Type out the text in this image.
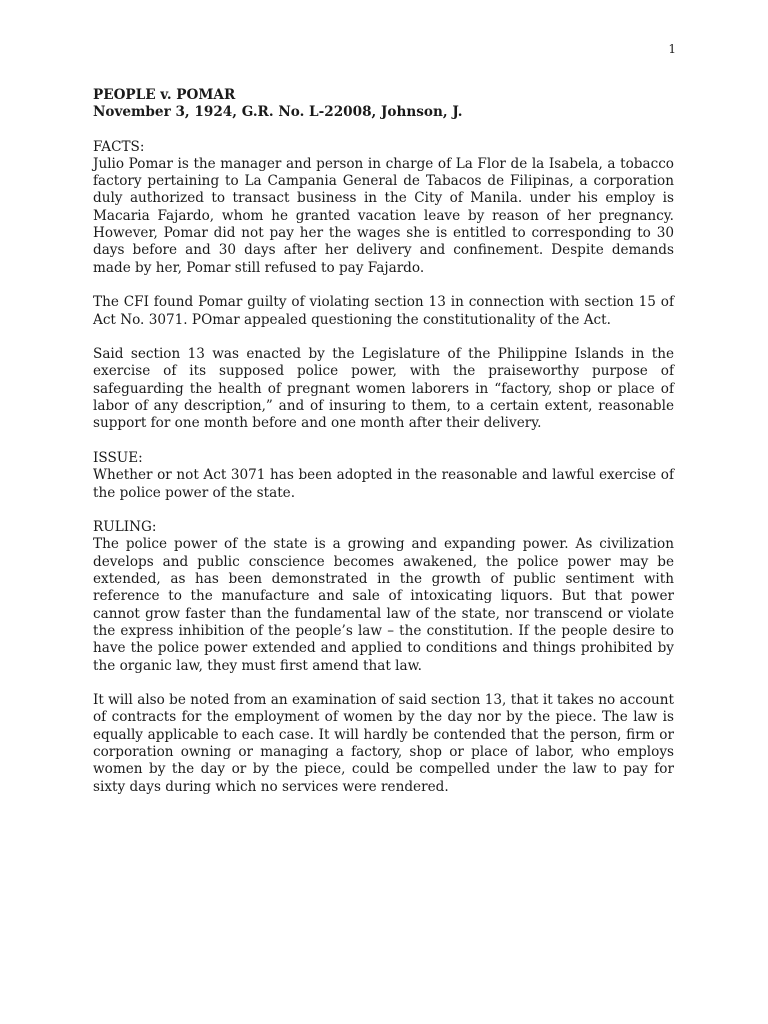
1
PEOPLE v. POMAR
November 3, 1924, G.R. No. L-22008, Johnson, J.
FACTS:

Julio Pomar is the manager and person in charge of La Flor de la Isabela, a tobacco factory pertaining to La Campania General de Tabacos de Filipinas, a corporation duly authorized to transact business in the City of Manila. under his employ is Macaria Fajardo, whom he granted vacation leave by reason of her pregnancy. However, Pomar did not pay her the wages she is entitled to corresponding to 30 days before and 30 days after her delivery and confinement. Despite demands made by her, Pomar still refused to pay Fajardo.

The CFI found Pomar guilty of violating section 13 in connection with section 15 of Act No. 3071. POmar appealed questioning the constitutionality of the Act.

Said section 13 was enacted by the Legislature of the Philippine Islands in the exercise of its supposed police power, with the praiseworthy purpose of safeguarding the health of pregnant women laborers in “factory, shop or place of labor of any description,” and of insuring to them, to a certain extent, reasonable support for one month before and one month after their delivery.

ISSUE:

Whether or not Act 3071 has been adopted in the reasonable and lawful exercise of the police power of the state.

RULING:

The police power of the state is a growing and expanding power. As civilization develops and public conscience becomes awakened, the police power may be extended, as has been demonstrated in the growth of public sentiment with reference to the manufacture and sale of intoxicating liquors. But that power cannot grow faster than the fundamental law of the state, nor transcend or violate the express inhibition of the people’s law – the constitution. If the people desire to have the police power extended and applied to conditions and things prohibited by the organic law, they must first amend that law.

It will also be noted from an examination of said section 13, that it takes no account of contracts for the employment of women by the day nor by the piece. The law is equally applicable to each case. It will hardly be contended that the person, firm or corporation owning or managing a factory, shop or place of labor, who employs women by the day or by the piece, could be compelled under the law to pay for sixty days during which no services were rendered.
